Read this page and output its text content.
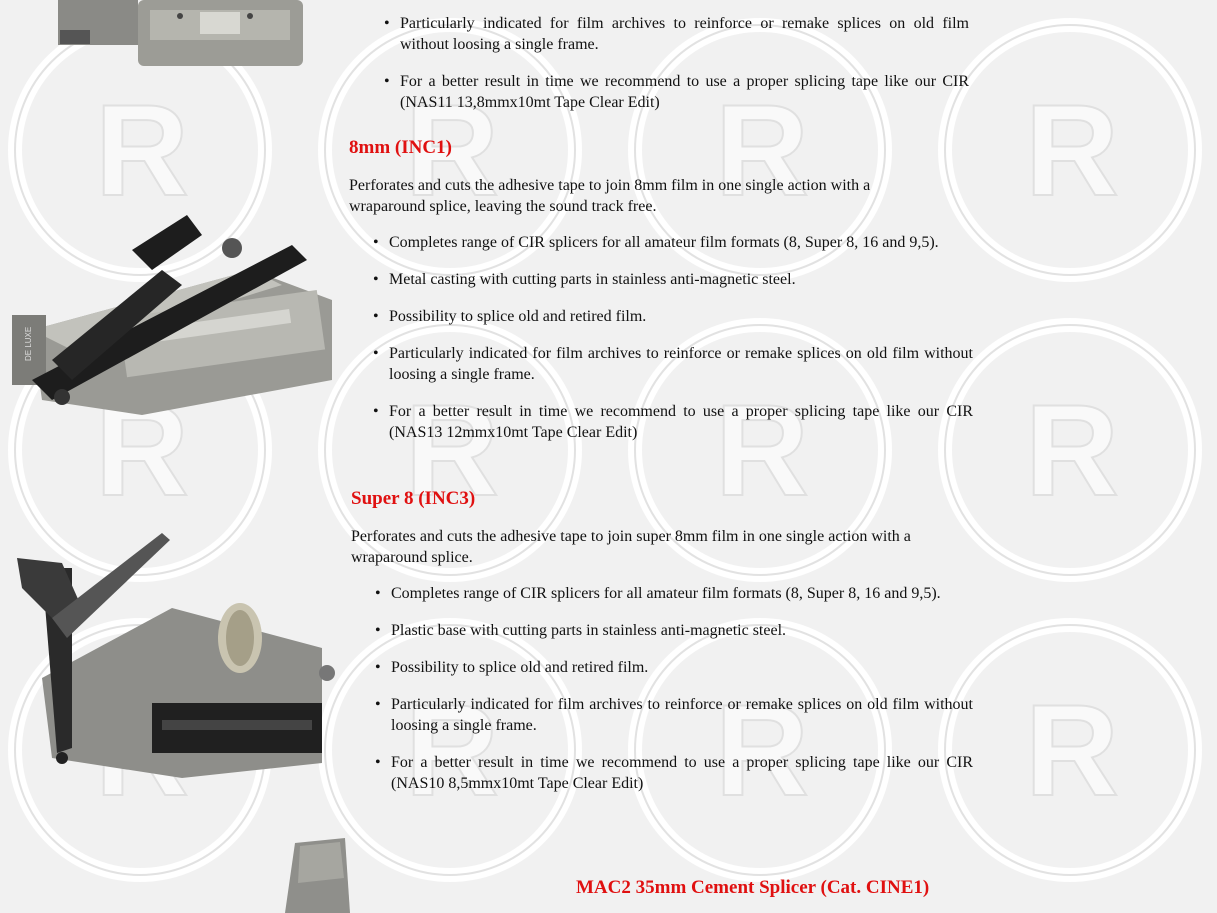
DE LUXE
• Particularly indicated for film archives to reinforce or remake splices on old film without loosing a single frame.
• For a better result in time we recommend to use a proper splicing tape like our CIR (NAS11 13,8mmx10mt Tape Clear Edit)
8mm (INC1)

Perforates and cuts the adhesive tape to join 8mm film in one single action with a wraparound splice, leaving the sound track free.

• Completes range of CIR splicers for all amateur film formats (8, Super 8, 16 and 9,5).
• Metal casting with cutting parts in stainless anti-magnetic steel.
• Possibility to splice old and retired film.
• Particularly indicated for film archives to reinforce or remake splices on old film without loosing a single frame.
• For a better result in time we recommend to use a proper splicing tape like our CIR (NAS13 12mmx10mt Tape Clear Edit)
Super 8 (INC3)

Perforates and cuts the adhesive tape to join super 8mm film in one single action with a wraparound splice.

• Completes range of CIR splicers for all amateur film formats (8, Super 8, 16 and 9,5).
• Plastic base with cutting parts in stainless anti-magnetic steel.
• Possibility to splice old and retired film.
• Particularly indicated for film archives to reinforce or remake splices on old film without loosing a single frame.
• For a better result in time we recommend to use a proper splicing tape like our CIR (NAS10 8,5mmx10mt Tape Clear Edit)
MAC2 35mm Cement Splicer (Cat. CINE1)
